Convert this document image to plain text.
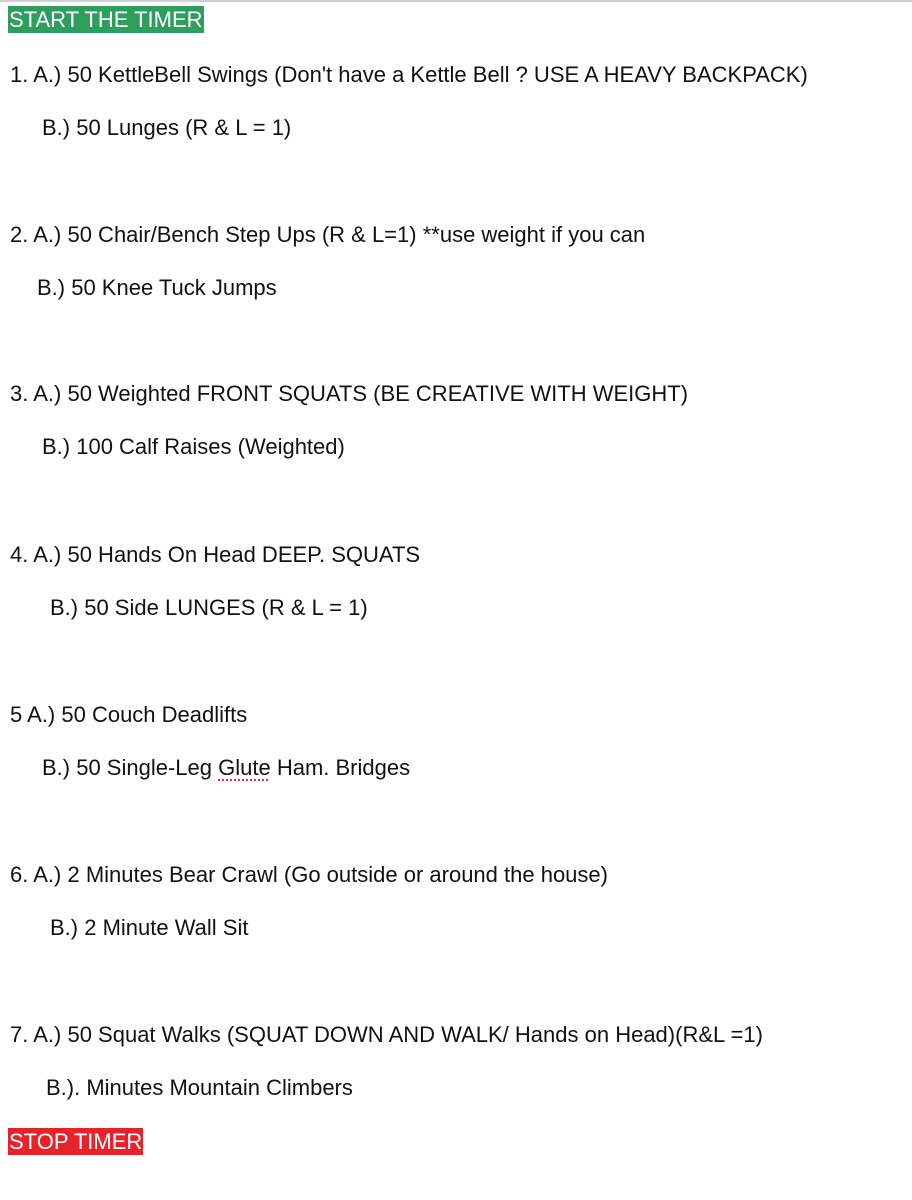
START THE TIMER
1. A.) 50 KettleBell Swings (Don't have a Kettle Bell ? USE A HEAVY BACKPACK)
B.) 50 Lunges (R & L = 1)
2. A.) 50 Chair/Bench Step Ups (R & L=1) **use weight if you can
B.) 50 Knee Tuck Jumps
3. A.) 50 Weighted FRONT SQUATS (BE CREATIVE WITH WEIGHT)
B.) 100 Calf Raises (Weighted)
4. A.) 50 Hands On Head DEEP. SQUATS
B.) 50 Side LUNGES (R & L = 1)
5 A.) 50 Couch Deadlifts
B.) 50 Single-Leg Glute Ham. Bridges
6. A.) 2 Minutes Bear Crawl (Go outside or around the house)
B.) 2 Minute Wall Sit
7. A.) 50 Squat Walks (SQUAT DOWN AND WALK/ Hands on Head)(R&L =1)
B.). Minutes Mountain Climbers
STOP TIMER
